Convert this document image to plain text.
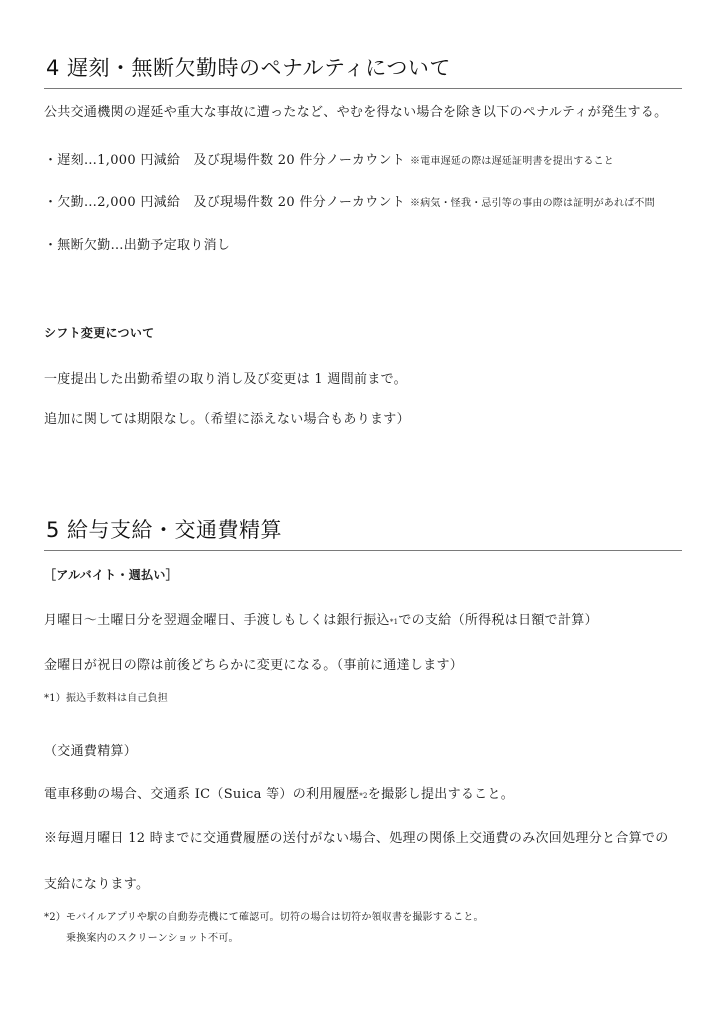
4 遅刻・無断欠勤時のペナルティについて
公共交通機関の遅延や重大な事故に遭ったなど、やむを得ない場合を除き以下のペナルティが発生する。
・遅刻…1,000 円減給　及び現場件数 20 件分ノーカウント ※電車遅延の際は遅延証明書を提出すること
・欠勤…2,000 円減給　及び現場件数 20 件分ノーカウント ※病気・怪我・忌引等の事由の際は証明があれば不問
・無断欠勤…出勤予定取り消し
シフト変更について
一度提出した出勤希望の取り消し及び変更は 1 週間前まで。
追加に関しては期限なし。（希望に添えない場合もあります）
5 給与支給・交通費精算
［アルバイト・週払い］
月曜日～土曜日分を翌週金曜日、手渡しもしくは銀行振込 *1 での支給（所得税は日額で計算）
金曜日が祝日の際は前後どちらかに変更になる。（事前に通達します）
*1）振込手数料は自己負担
（交通費精算）
電車移動の場合、交通系 IC（Suica 等）の利用履歴 *2 を撮影し提出すること。
※毎週月曜日 12 時までに交通費履歴の送付がない場合、処理の関係上交通費のみ次回処理分と合算での
支給になります。
*2）モバイルアプリや駅の自動券売機にて確認可。切符の場合は切符か領収書を撮影すること。
乗換案内のスクリーンショット不可。
